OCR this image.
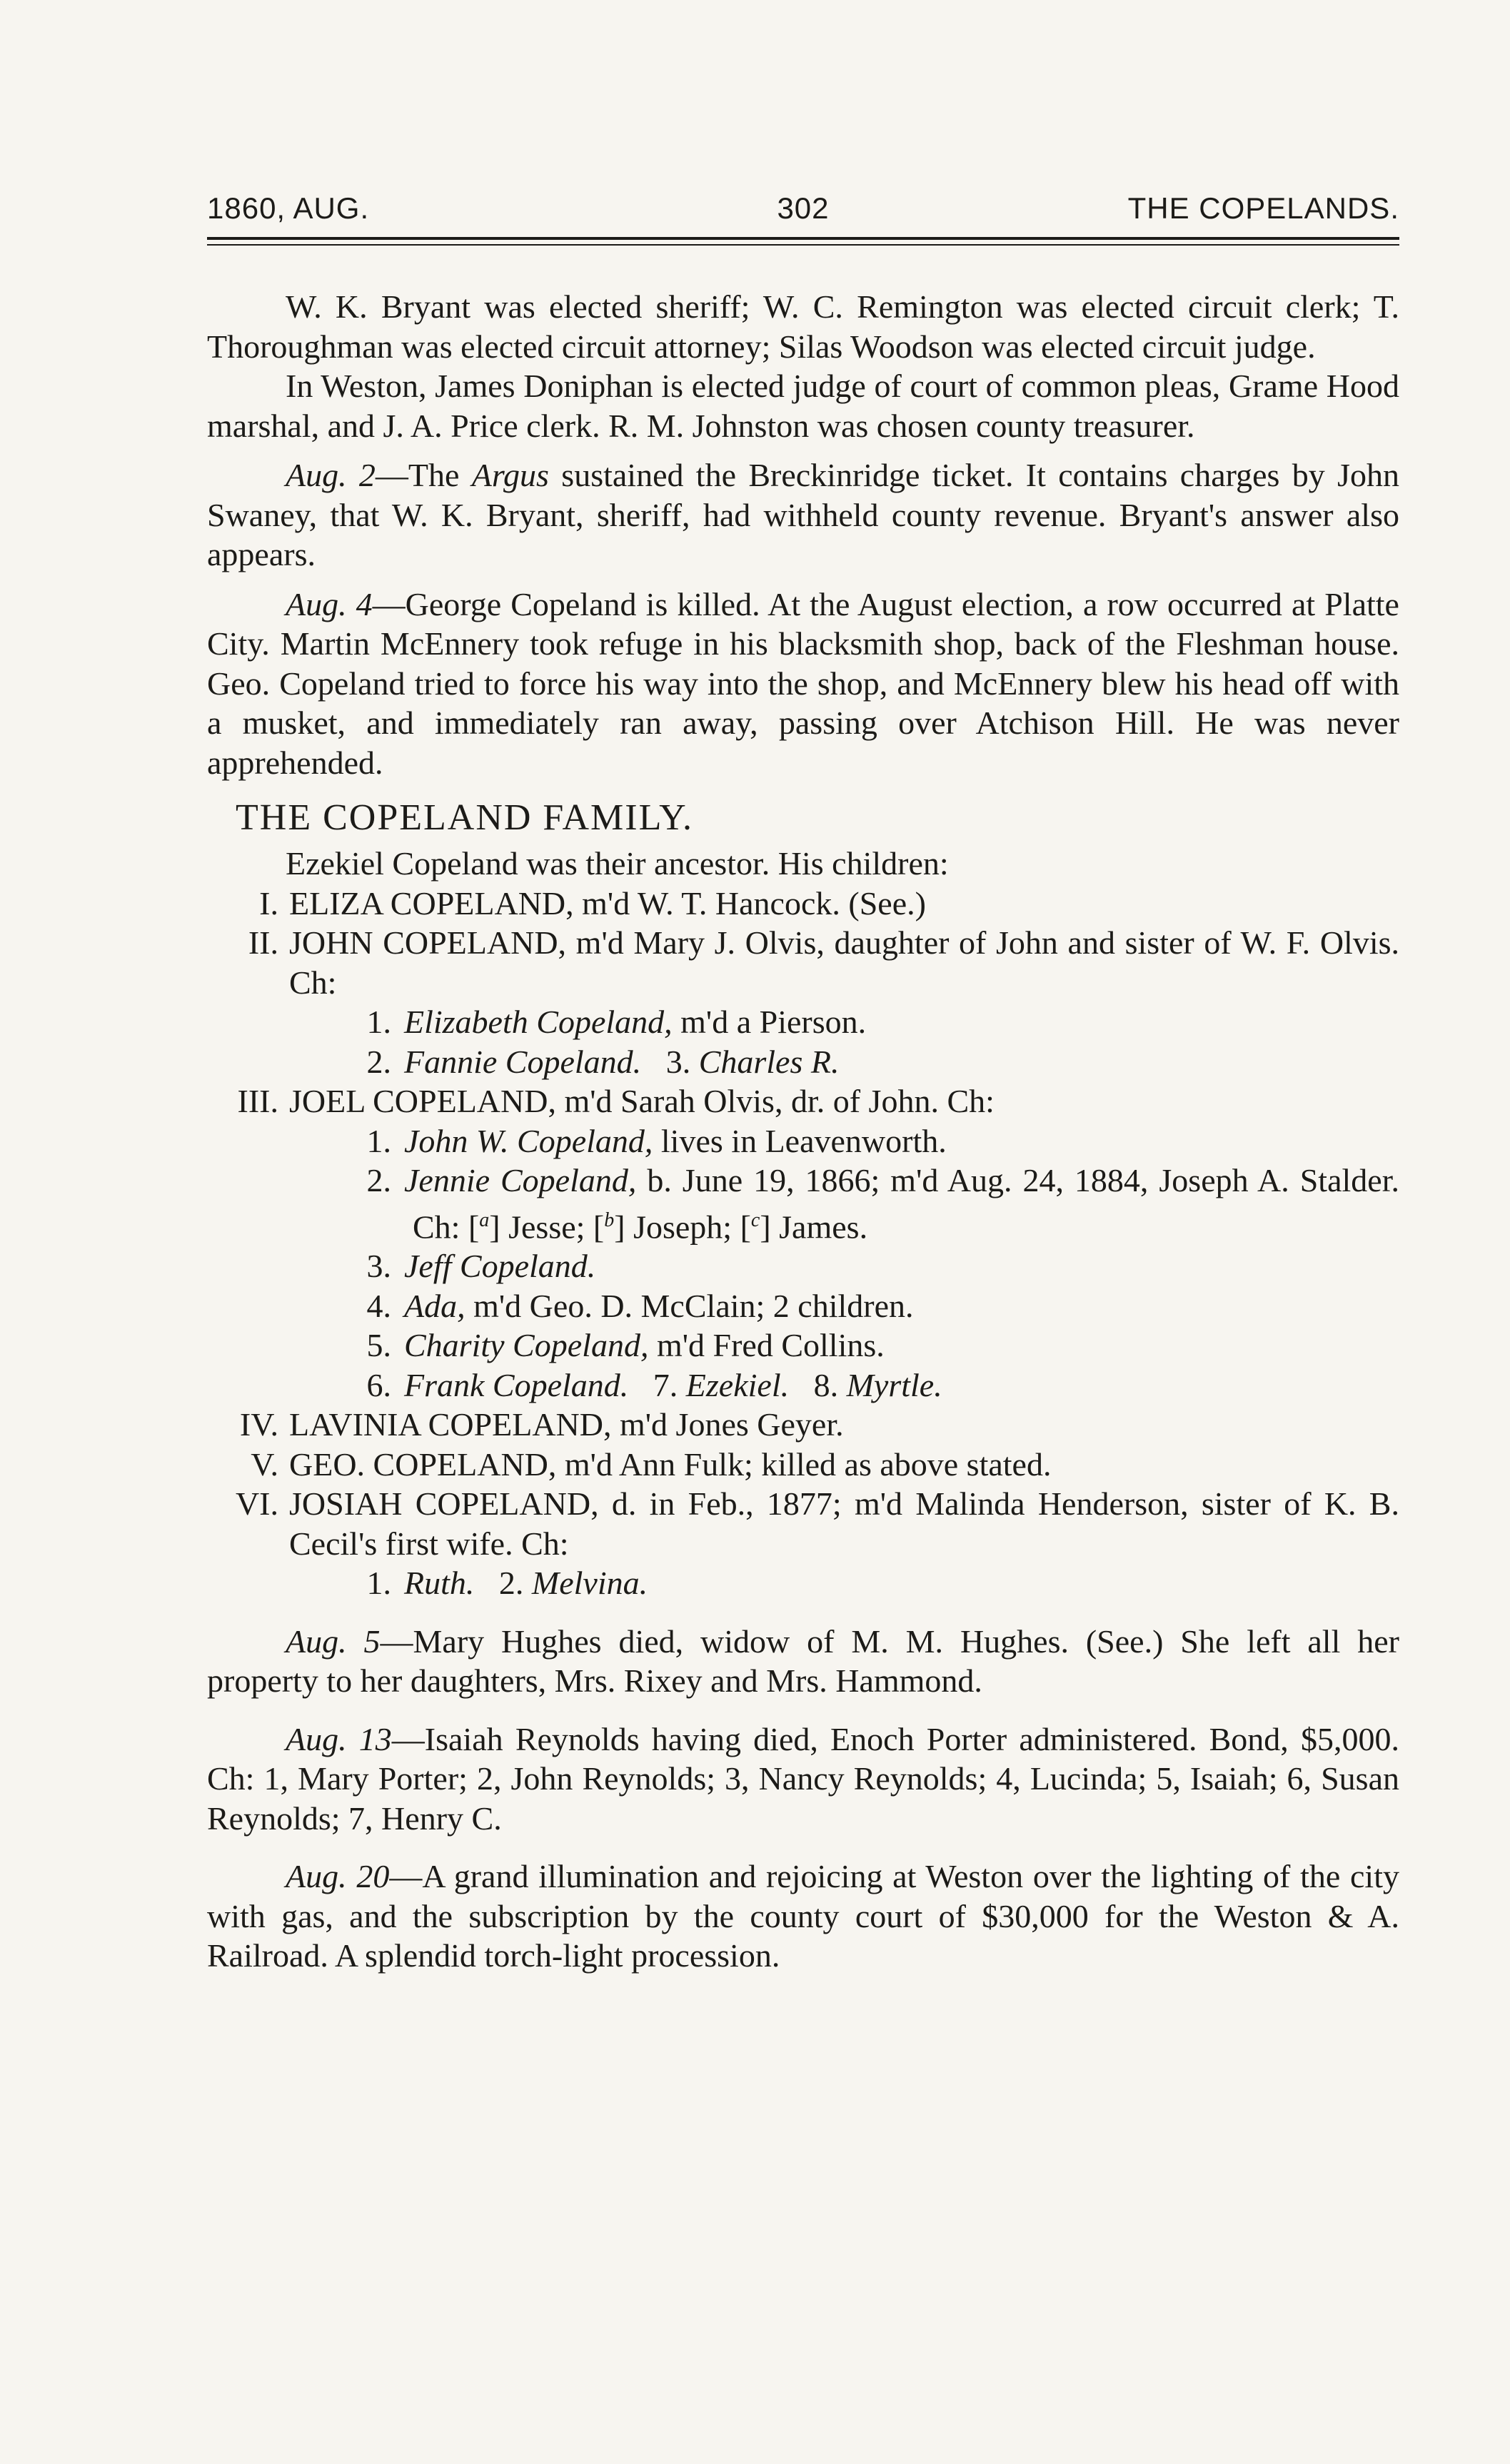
1860, AUG.	302	THE COPELANDS.

W. K. Bryant was elected sheriff; W. C. Remington was elected circuit clerk; T. Thoroughman was elected circuit attorney; Silas Woodson was elected circuit judge.

In Weston, James Doniphan is elected judge of court of common pleas, Grame Hood marshal, and J. A. Price clerk. R. M. Johnston was chosen county treasurer.

Aug. 2—The Argus sustained the Breckinridge ticket. It contains charges by John Swaney, that W. K. Bryant, sheriff, had withheld county revenue. Bryant's answer also appears.

Aug. 4—George Copeland is killed. At the August election, a row occurred at Platte City. Martin McEnnery took refuge in his blacksmith shop, back of the Fleshman house. Geo. Copeland tried to force his way into the shop, and McEnnery blew his head off with a musket, and immediately ran away, passing over Atchison Hill. He was never apprehended.

THE COPELAND FAMILY.

Ezekiel Copeland was their ancestor. His children:

I. ELIZA COPELAND, m'd W. T. Hancock. (See.)

II. JOHN COPELAND, m'd Mary J. Olvis, daughter of John and sister of W. F. Olvis. Ch:

1. Elizabeth Copeland, m'd a Pierson.

2. Fannie Copeland. 3. Charles R.

III. JOEL COPELAND, m'd Sarah Olvis, dr. of John. Ch:

1. John W. Copeland, lives in Leavenworth.

2. Jennie Copeland, b. June 19, 1866; m'd Aug. 24, 1884, Joseph A. Stalder. Ch: [$^a$] Jesse; [$^b$] Joseph; [$^c$] James.

3. Jeff Copeland.

4. Ada, m'd Geo. D. McClain; 2 children.

5. Charity Copeland, m'd Fred Collins.

6. Frank Copeland. 7. Ezekiel. 8. Myrtle.

IV. LAVINIA COPELAND, m'd Jones Geyer.

V. GEO. COPELAND, m'd Ann Fulk; killed as above stated.

VI. JOSIAH COPELAND, d. in Feb., 1877; m'd Malinda Henderson, sister of K. B. Cecil's first wife. Ch:

1. Ruth. 2. Melvina.

Aug. 5—Mary Hughes died, widow of M. M. Hughes. (See.) She left all her property to her daughters, Mrs. Rixey and Mrs. Hammond.

Aug. 13—Isaiah Reynolds having died, Enoch Porter administered. Bond, $5,000. Ch: 1, Mary Porter; 2, John Reynolds; 3, Nancy Reynolds; 4, Lucinda; 5, Isaiah; 6, Susan Reynolds; 7, Henry C.

Aug. 20—A grand illumination and rejoicing at Weston over the lighting of the city with gas, and the subscription by the county court of $30,000 for the Weston & A. Railroad. A splendid torch-light procession.
